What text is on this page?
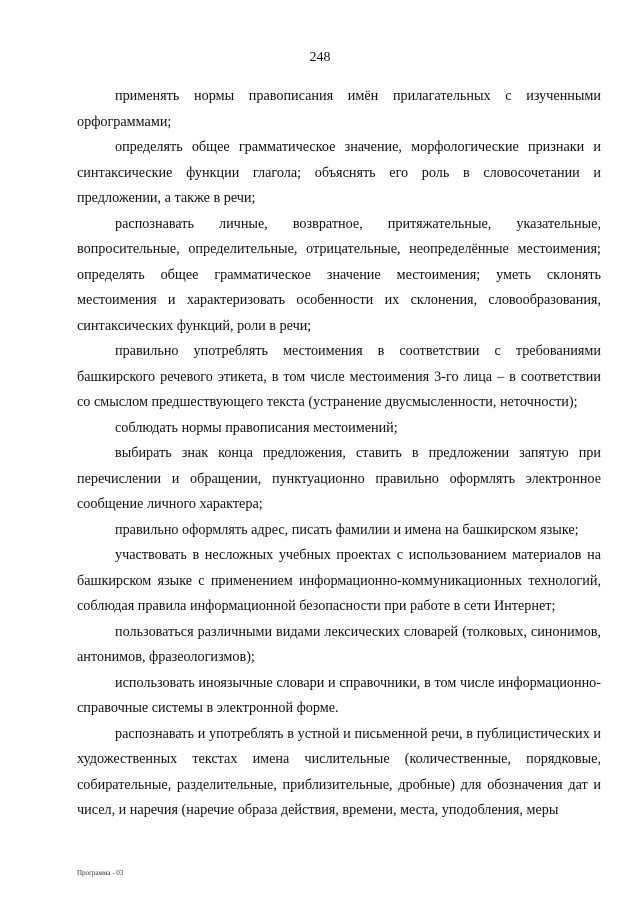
248

применять нормы правописания имён прилагательных с изученными орфограммами;

определять общее грамматическое значение, морфологические признаки и синтаксические функции глагола; объяснять его роль в словосочетании и предложении, а также в речи;

распознавать личные, возвратное, притяжательные, указательные, вопросительные, определительные, отрицательные, неопределённые местоимения; определять общее грамматическое значение местоимения; уметь склонять местоимения и характеризовать особенности их склонения, словообразования, синтаксических функций, роли в речи;

правильно употреблять местоимения в соответствии с требованиями башкирского речевого этикета, в том числе местоимения 3-го лица – в соответствии со смыслом предшествующего текста (устранение двусмысленности, неточности);

соблюдать нормы правописания местоимений;

выбирать знак конца предложения, ставить в предложении запятую при перечислении и обращении, пунктуационно правильно оформлять электронное сообщение личного характера;

правильно оформлять адрес, писать фамилии и имена на башкирском языке;

участвовать в несложных учебных проектах с использованием материалов на башкирском языке с применением информационно-коммуникационных технологий, соблюдая правила информационной безопасности при работе в сети Интернет;

пользоваться различными видами лексических словарей (толковых, синонимов, антонимов, фразеологизмов);

использовать иноязычные словари и справочники, в том числе информационно-справочные системы в электронной форме.

распознавать и употреблять в устной и письменной речи, в публицистических и художественных текстах имена числительные (количественные, порядковые, собирательные, разделительные, приблизительные, дробные) для обозначения дат и чисел, и наречия (наречие образа действия, времени, места, уподобления, меры

Программа - 03
